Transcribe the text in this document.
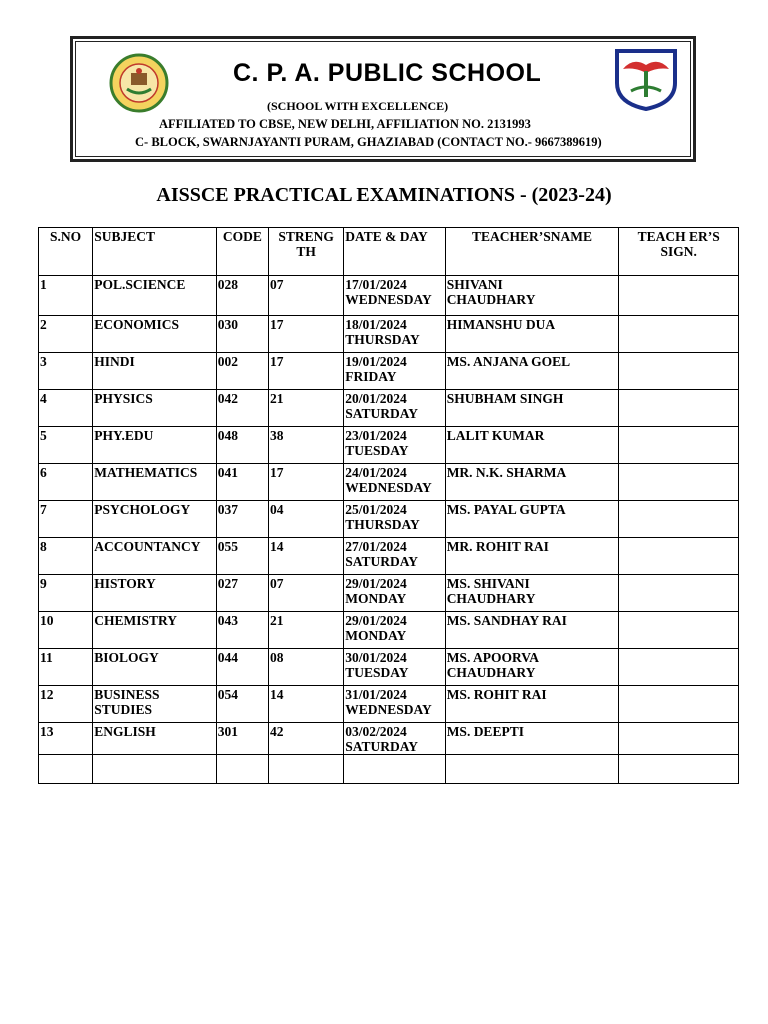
C. P. A. PUBLIC SCHOOL
(SCHOOL WITH EXCELLENCE)
AFFILIATED TO CBSE, NEW DELHI, AFFILIATION NO. 2131993
C- BLOCK, SWARNJAYANTI PURAM, GHAZIABAD (CONTACT NO.- 9667389619)
AISSCE PRACTICAL EXAMINATIONS - (2023-24)
S.NO	SUBJECT	CODE	STRENG
TH	DATE & DAY	TEACHER’SNAME	TEACH ER’S
SIGN.

1	POL.SCIENCE	028	07	17/01/2024
WEDNESDAY	SHIVANI
CHAUDHARY	

2	ECONOMICS	030	17	18/01/2024
THURSDAY	HIMANSHU DUA	

3	HINDI	002	17	19/01/2024
FRIDAY	MS. ANJANA GOEL	

4	PHYSICS	042	21	20/01/2024
SATURDAY	SHUBHAM SINGH	

5	PHY.EDU	048	38	23/01/2024
TUESDAY	LALIT KUMAR	

6	MATHEMATICS	041	17	24/01/2024
WEDNESDAY	MR. N.K. SHARMA	

7	PSYCHOLOGY	037	04	25/01/2024
THURSDAY	MS. PAYAL GUPTA	

8	ACCOUNTANCY	055	14	27/01/2024
SATURDAY	MR. ROHIT RAI	

9	HISTORY	027	07	29/01/2024
MONDAY	MS. SHIVANI
CHAUDHARY	

10	CHEMISTRY	043	21	29/01/2024
MONDAY	MS. SANDHAY RAI	

11	BIOLOGY	044	08	30/01/2024
TUESDAY	MS. APOORVA
CHAUDHARY	

12	BUSINESS
STUDIES	054	14	31/01/2024
WEDNESDAY	MS. ROHIT RAI	

13	ENGLISH	301	42	03/02/2024
SATURDAY	MS. DEEPTI	
